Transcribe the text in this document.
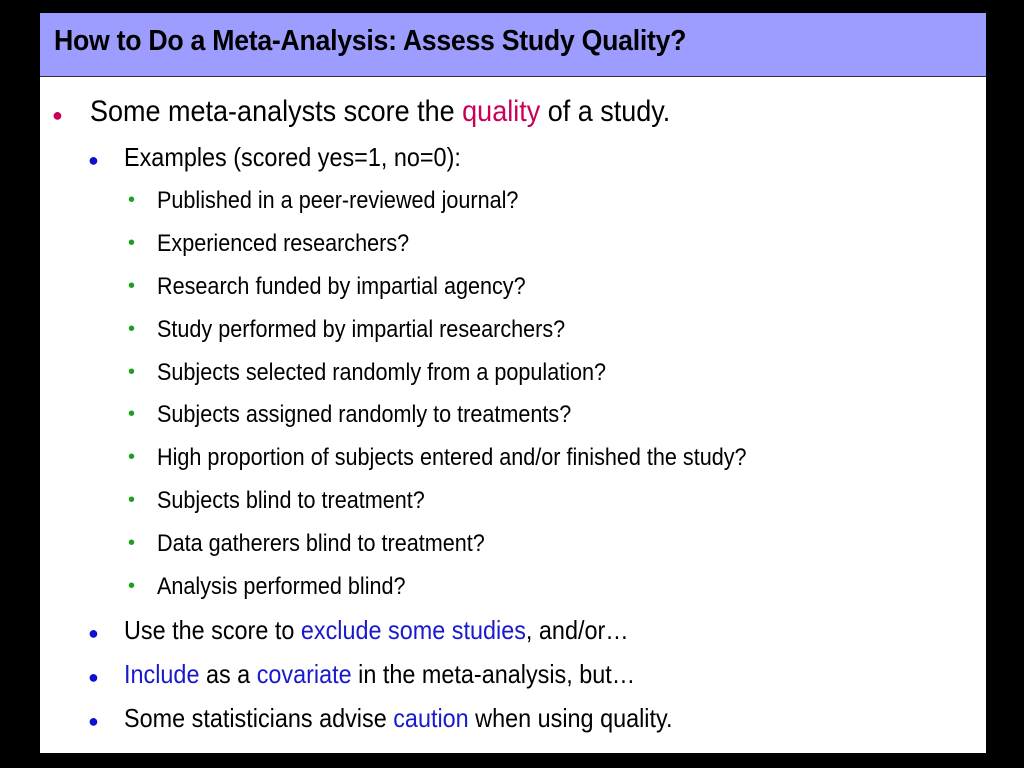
How to Do a Meta-Analysis: Assess Study Quality?
● Some meta-analysts score the quality of a study.
● Examples (scored yes=1, no=0):
• Published in a peer-reviewed journal?
• Experienced researchers?
• Research funded by impartial agency?
• Study performed by impartial researchers?
• Subjects selected randomly from a population?
• Subjects assigned randomly to treatments?
• High proportion of subjects entered and/or finished the study?
• Subjects blind to treatment?
• Data gatherers blind to treatment?
• Analysis performed blind?
● Use the score to exclude some studies, and/or…
● Include as a covariate in the meta-analysis, but…
● Some statisticians advise caution when using quality.
